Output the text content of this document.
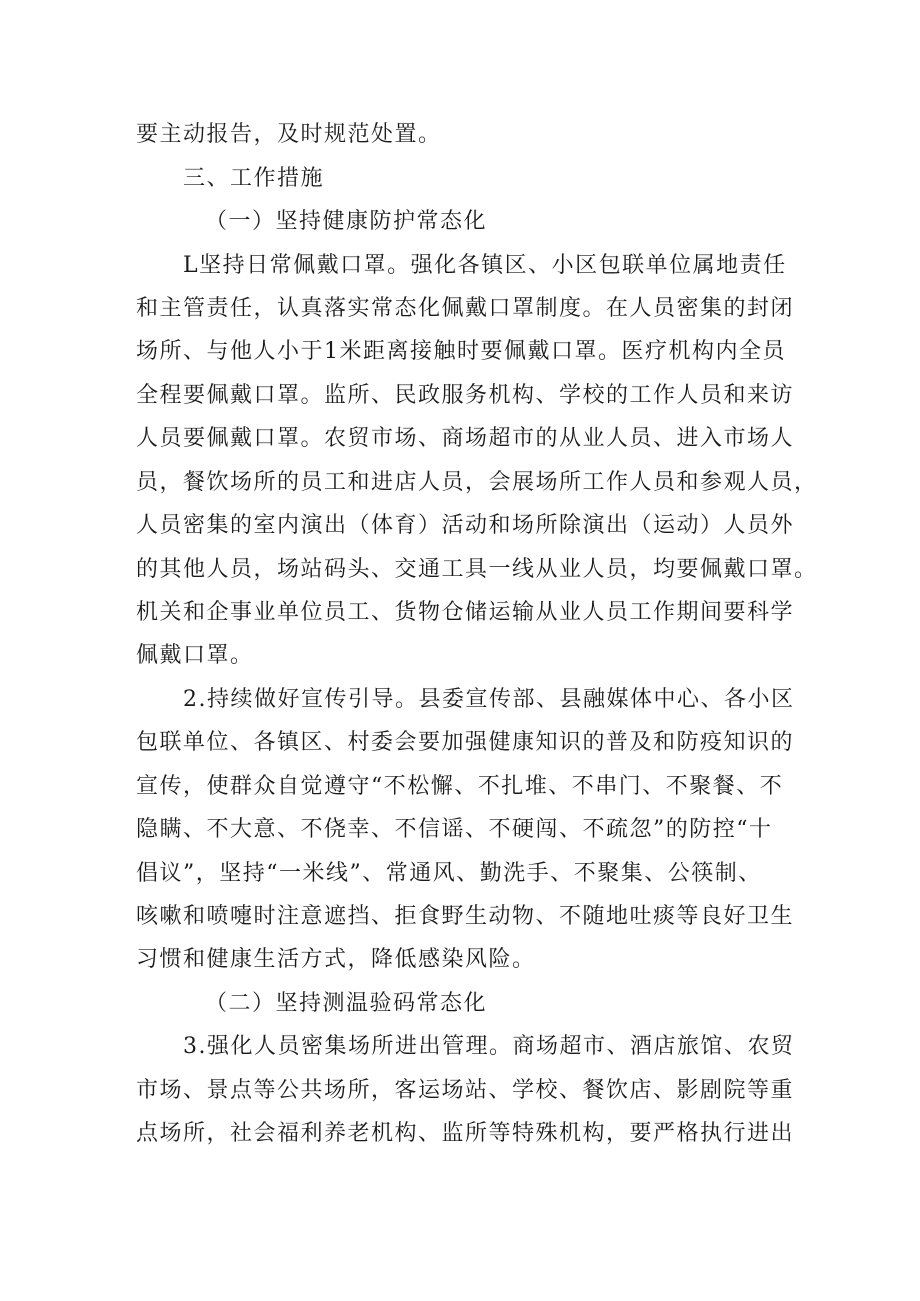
要主动报告，及时规范处置。
三、工作措施
（一）坚持健康防护常态化
L坚持日常佩戴口罩。强化各镇区、小区包联单位属地责任
和主管责任，认真落实常态化佩戴口罩制度。在人员密集的封闭
场所、与他人小于1米距离接触时要佩戴口罩。医疗机构内全员
全程要佩戴口罩。监所、民政服务机构、学校的工作人员和来访
人员要佩戴口罩。农贸市场、商场超市的从业人员、进入市场人
员，餐饮场所的员工和进店人员，会展场所工作人员和参观人员，
人员密集的室内演出（体育）活动和场所除演出（运动）人员外
的其他人员，场站码头、交通工具一线从业人员，均要佩戴口罩。
机关和企事业单位员工、货物仓储运输从业人员工作期间要科学
佩戴口罩。
2.持续做好宣传引导。县委宣传部、县融媒体中心、各小区
包联单位、各镇区、村委会要加强健康知识的普及和防疫知识的
宣传，使群众自觉遵守“不松懈、不扎堆、不串门、不聚餐、不
隐瞒、不大意、不侥幸、不信谣、不硬闯、不疏忽”的防控“十
倡议”，坚持“一米线”、常通风、勤洗手、不聚集、公筷制、
咳嗽和喷嚏时注意遮挡、拒食野生动物、不随地吐痰等良好卫生
习惯和健康生活方式，降低感染风险。
（二）坚持测温验码常态化
3.强化人员密集场所进出管理。商场超市、酒店旅馆、农贸
市场、景点等公共场所，客运场站、学校、餐饮店、影剧院等重
点场所，社会福利养老机构、监所等特殊机构，要严格执行进出
